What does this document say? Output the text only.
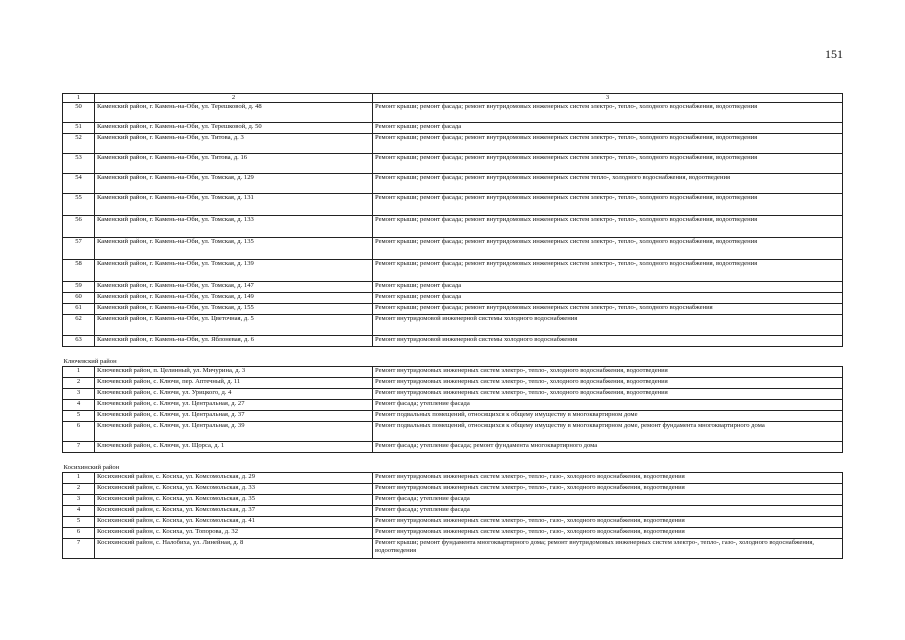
151
1	2	3
50	Каменский район, г. Камень-на-Оби, ул. Терешковой, д. 48	Ремонт крыши; ремонт фасада; ремонт внутридомовых инженерных систем электро-, тепло-, холодного водоснабжения, водоотведения
51	Каменский район, г. Камень-на-Оби, ул. Терешковой, д. 50	Ремонт крыши; ремонт фасада
52	Каменский район, г. Камень-на-Оби, ул. Титова, д. 3	Ремонт крыши; ремонт фасада; ремонт внутридомовых инженерных систем электро-, тепло-, холодного водоснабжения, водоотведения
53	Каменский район, г. Камень-на-Оби, ул. Титова, д. 16	Ремонт крыши; ремонт фасада; ремонт внутридомовых инженерных систем электро-, тепло-, холодного водоснабжения, водоотведения
54	Каменский район, г. Камень-на-Оби, ул. Томская, д. 129	Ремонт крыши; ремонт фасада; ремонт внутридомовых инженерных систем тепло-, холодного водоснабжения, водоотведения
55	Каменский район, г. Камень-на-Оби, ул. Томская, д. 131	Ремонт крыши; ремонт фасада; ремонт внутридомовых инженерных систем электро-, тепло-, холодного водоснабжения, водоотведения
56	Каменский район, г. Камень-на-Оби, ул. Томская, д. 133	Ремонт крыши; ремонт фасада; ремонт внутридомовых инженерных систем электро-, тепло-, холодного водоснабжения, водоотведения
57	Каменский район, г. Камень-на-Оби, ул. Томская, д. 135	Ремонт крыши; ремонт фасада; ремонт внутридомовых инженерных систем электро-, тепло-, холодного водоснабжения, водоотведения
58	Каменский район, г. Камень-на-Оби, ул. Томская, д. 139	Ремонт крыши; ремонт фасада; ремонт внутридомовых инженерных систем электро-, тепло-, холодного водоснабжения, водоотведения
59	Каменский район, г. Камень-на-Оби, ул. Томская, д. 147	Ремонт крыши; ремонт фасада
60	Каменский район, г. Камень-на-Оби, ул. Томская, д. 149	Ремонт крыши; ремонт фасада
61	Каменский район, г. Камень-на-Оби, ул. Томская, д. 155	Ремонт крыши; ремонт фасада; ремонт внутридомовых инженерных систем электро-, тепло-, холодного водоснабжения
62	Каменский район, г. Камень-на-Оби, ул. Цветочная, д. 5	Ремонт внутридомовой инженерной системы холодного водоснабжения
63	Каменский район, г. Камень-на-Оби, ул. Яблоневая, д. 6	Ремонт внутридомовой инженерной системы холодного водоснабжения
Ключевский район		
1	Ключевский район, п. Целинный, ул. Мичурина, д. 3	Ремонт внутридомовых инженерных систем электро-, тепло-, холодного водоснабжения, водоотведения
2	Ключевский район, с. Ключи, пер. Аптечный, д. 11	Ремонт внутридомовых инженерных систем электро-, тепло-, холодного водоснабжения, водоотведения
3	Ключевский район, с. Ключи, ул. Урицкого, д. 4	Ремонт внутридомовых инженерных систем электро-, тепло-, холодного водоснабжения, водоотведения
4	Ключевский район, с. Ключи, ул. Центральная, д. 27	Ремонт фасада; утепление фасада
5	Ключевский район, с. Ключи, ул. Центральная, д. 37	Ремонт подвальных помещений, относящихся к общему имуществу в многоквартирном доме
6	Ключевский район, с. Ключи, ул. Центральная, д. 39	Ремонт подвальных помещений, относящихся к общему имуществу в многоквартирном доме, ремонт фундамента многоквартирного дома
7	Ключевский район, с. Ключи, ул. Щорса, д. 1	Ремонт фасада; утепление фасада; ремонт фундамента многоквартирного дома
Косихинский район		
1	Косихинский район, с. Косиха, ул. Комсомольская, д. 29	Ремонт внутридомовых инженерных систем электро-, тепло-, газо-, холодного водоснабжения, водоотведения
2	Косихинский район, с. Косиха, ул. Комсомольская, д. 33	Ремонт внутридомовых инженерных систем электро-, тепло-, газо-, холодного водоснабжения, водоотведения
3	Косихинский район, с. Косиха, ул. Комсомольская, д. 35	Ремонт фасада; утепление фасада
4	Косихинский район, с. Косиха, ул. Комсомольская, д. 37	Ремонт фасада; утепление фасада
5	Косихинский район, с. Косиха, ул. Комсомольская, д. 41	Ремонт внутридомовых инженерных систем электро-, тепло-, газо-, холодного водоснабжения, водоотведения
6	Косихинский район, с. Косиха, ул. Топорова, д. 32	Ремонт внутридомовых инженерных систем электро-, тепло-, газо-, холодного водоснабжения, водоотведения
7	Косихинский район, с. Налобиха, ул. Линейная, д. 8	Ремонт крыши; ремонт фундамента многоквартирного дома; ремонт внутридомовых инженерных систем электро-, тепло-, газо-, холодного водоснабжения, водоотведения
